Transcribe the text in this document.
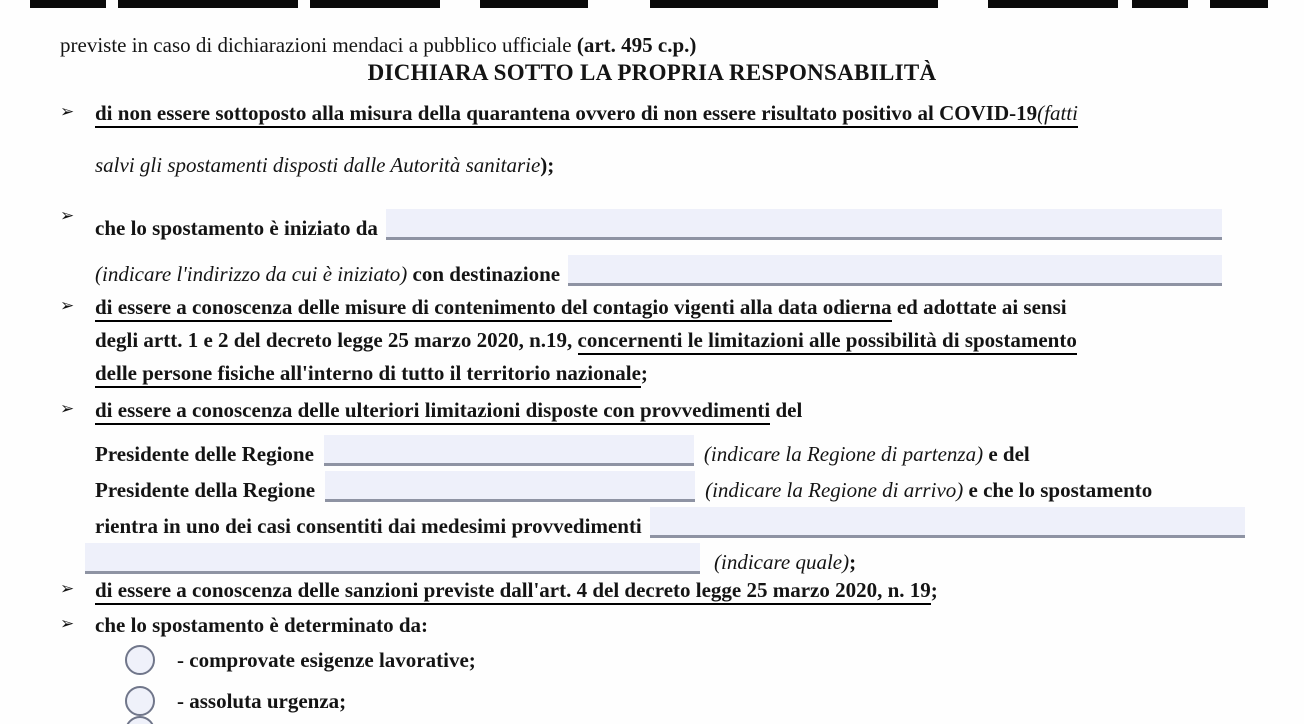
previste in caso di dichiarazioni mendaci a pubblico ufficiale (art. 495 c.p.)
DICHIARA SOTTO LA PROPRIA RESPONSABILITÀ
➢ di non essere sottoposto alla misura della quarantena ovvero di non essere risultato positivo al COVID-19(fatti
salvi gli spostamenti disposti dalle Autorità sanitarie);
➢
che lo spostamento è iniziato da
(indicare l'indirizzo da cui è iniziato) con destinazione
➢ di essere a conoscenza delle misure di contenimento del contagio vigenti alla data odierna ed adottate ai sensi
degli artt. 1 e 2 del decreto legge 25 marzo 2020, n.19, concernenti le limitazioni alle possibilità di spostamento
delle persone fisiche all'interno di tutto il territorio nazionale;
➢ di essere a conoscenza delle ulteriori limitazioni disposte con provvedimenti del
Presidente delle Regione	(indicare la Regione di partenza) e del
Presidente della Regione	(indicare la Regione di arrivo) e che lo spostamento
rientra in uno dei casi consentiti dai medesimi provvedimenti
(indicare quale) ;
➢ di essere a conoscenza delle sanzioni previste dall'art. 4 del decreto legge 25 marzo 2020, n. 19;
➢ che lo spostamento è determinato da:
- comprovate esigenze lavorative;
- assoluta urgenza;
